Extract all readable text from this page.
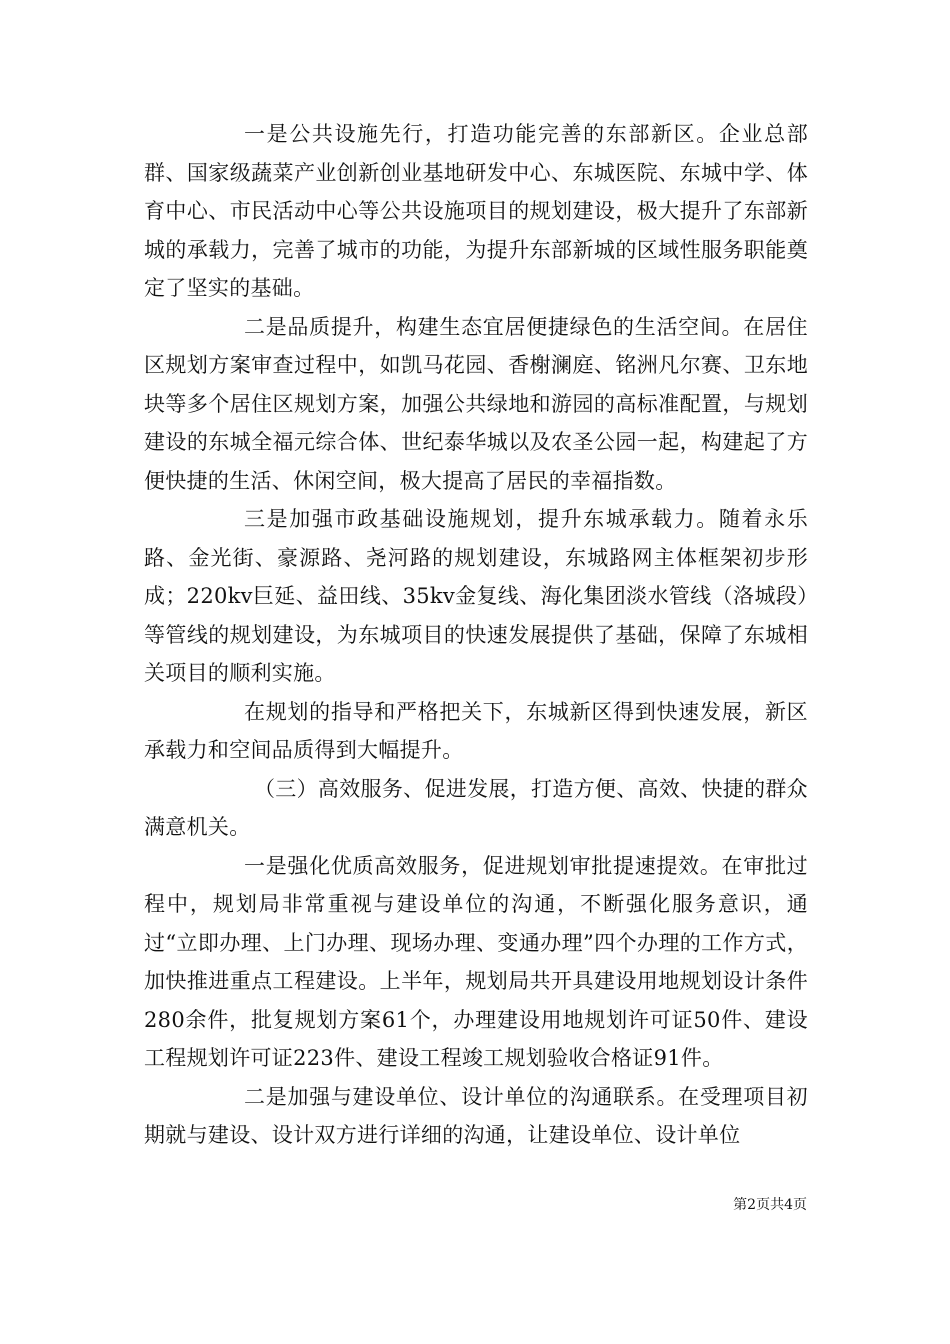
一是公共设施先行，打造功能完善的东部新区。企业总部群、国家级蔬菜产业创新创业基地研发中心、东城医院、东城中学、体育中心、市民活动中心等公共设施项目的规划建设，极大提升了东部新城的承载力，完善了城市的功能，为提升东部新城的区域性服务职能奠定了坚实的基础。

二是品质提升，构建生态宜居便捷绿色的生活空间。在居住区规划方案审查过程中，如凯马花园、香榭澜庭、铭洲凡尔赛、卫东地块等多个居住区规划方案，加强公共绿地和游园的高标准配置，与规划建设的东城全福元综合体、世纪泰华城以及农圣公园一起，构建起了方便快捷的生活、休闲空间，极大提高了居民的幸福指数。

三是加强市政基础设施规划，提升东城承载力。随着永乐路、金光街、豪源路、尧河路的规划建设，东城路网主体框架初步形成；220kv巨延、益田线、35kv金复线、海化集团淡水管线（洛城段）等管线的规划建设，为东城项目的快速发展提供了基础，保障了东城相关项目的顺利实施。

在规划的指导和严格把关下，东城新区得到快速发展，新区承载力和空间品质得到大幅提升。

（三）高效服务、促进发展，打造方便、高效、快捷的群众满意机关。

一是强化优质高效服务，促进规划审批提速提效。在审批过程中，规划局非常重视与建设单位的沟通，不断强化服务意识，通过“立即办理、上门办理、现场办理、变通办理”四个办理的工作方式，加快推进重点工程建设。上半年，规划局共开具建设用地规划设计条件280余件，批复规划方案61个，办理建设用地规划许可证50件、建设工程规划许可证223件、建设工程竣工规划验收合格证91件。

二是加强与建设单位、设计单位的沟通联系。在受理项目初期就与建设、设计双方进行详细的沟通，让建设单位、设计单位

第2页共4页
